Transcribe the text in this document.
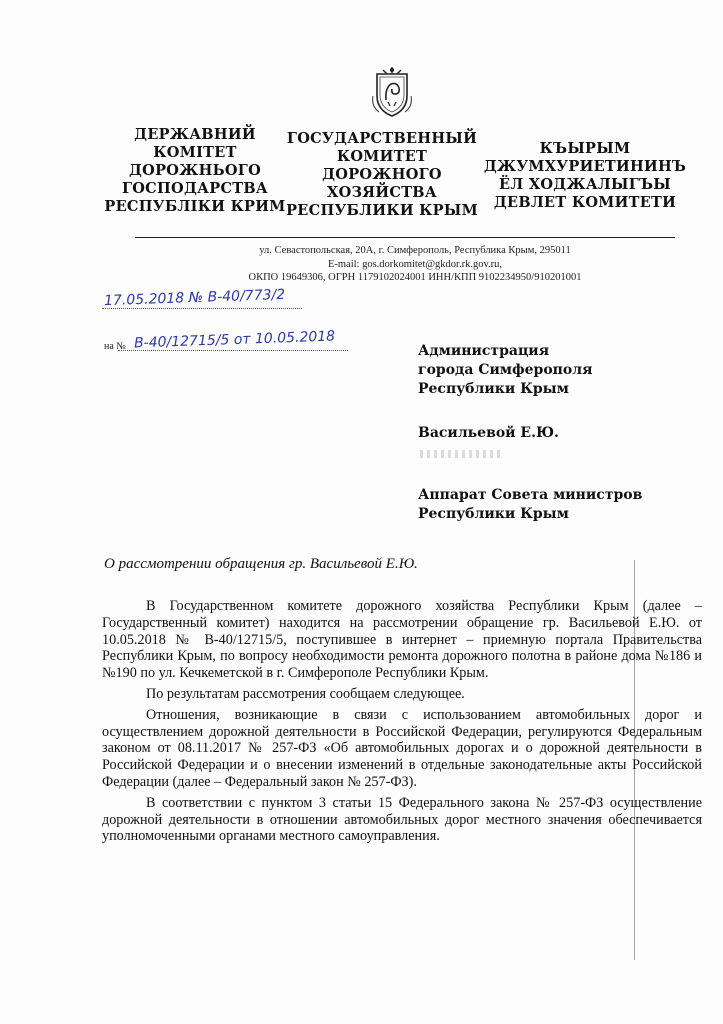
ДЕРЖАВНИЙ
КОМІТЕТ
ДОРОЖНЬОГО
ГОСПОДАРСТВА
РЕСПУБЛІКИ КРИМ
ГОСУДАРСТВЕННЫЙ
КОМИТЕТ
ДОРОЖНОГО
ХОЗЯЙСТВА
РЕСПУБЛИКИ КРЫМ
КЪЫРЫМ
ДЖУМХУРИЕТИНИНЪ
ЁЛ ХОДЖАЛЫГЪЫ
ДЕВЛЕТ КОМИТЕТИ
ул. Севастопольская, 20А, г. Симферополь, Республика Крым, 295011
E-mail: gos.dorkomitet@gkdor.rk.gov.ru,
ОКПО 19649306, ОГРН 1179102024001 ИНН/КПП 9102234950/910201001
17.05.2018 № В-40/773/2
на № В-40/12715/5 от 10.05.2018	Администрация
города Симферополя
Республики Крым
Васильевой Е.Ю.
Аппарат Совета министров
Республики Крым
О рассмотрении обращения гр. Васильевой Е.Ю.

В Государственном комитете дорожного хозяйства Республики Крым (далее – Государственный комитет) находится на рассмотрении обращение гр. Васильевой Е.Ю. от 10.05.2018 № В-40/12715/5, поступившее в интернет – приемную портала Правительства Республики Крым, по вопросу необходимости ремонта дорожного полотна в районе дома №186 и №190 по ул. Кечкеметской в г. Симферополе Республики Крым.

По результатам рассмотрения сообщаем следующее.

Отношения, возникающие в связи с использованием автомобильных дорог и осуществлением дорожной деятельности в Российской Федерации, регулируются Федеральным законом от 08.11.2017 № 257-ФЗ «Об автомобильных дорогах и о дорожной деятельности в Российской Федерации и о внесении изменений в отдельные законодательные акты Российской Федерации (далее – Федеральный закон № 257-ФЗ).

В соответствии с пунктом 3 статьи 15 Федерального закона № 257-ФЗ осуществление дорожной деятельности в отношении автомобильных дорог местного значения обеспечивается уполномоченными органами местного самоуправления.
